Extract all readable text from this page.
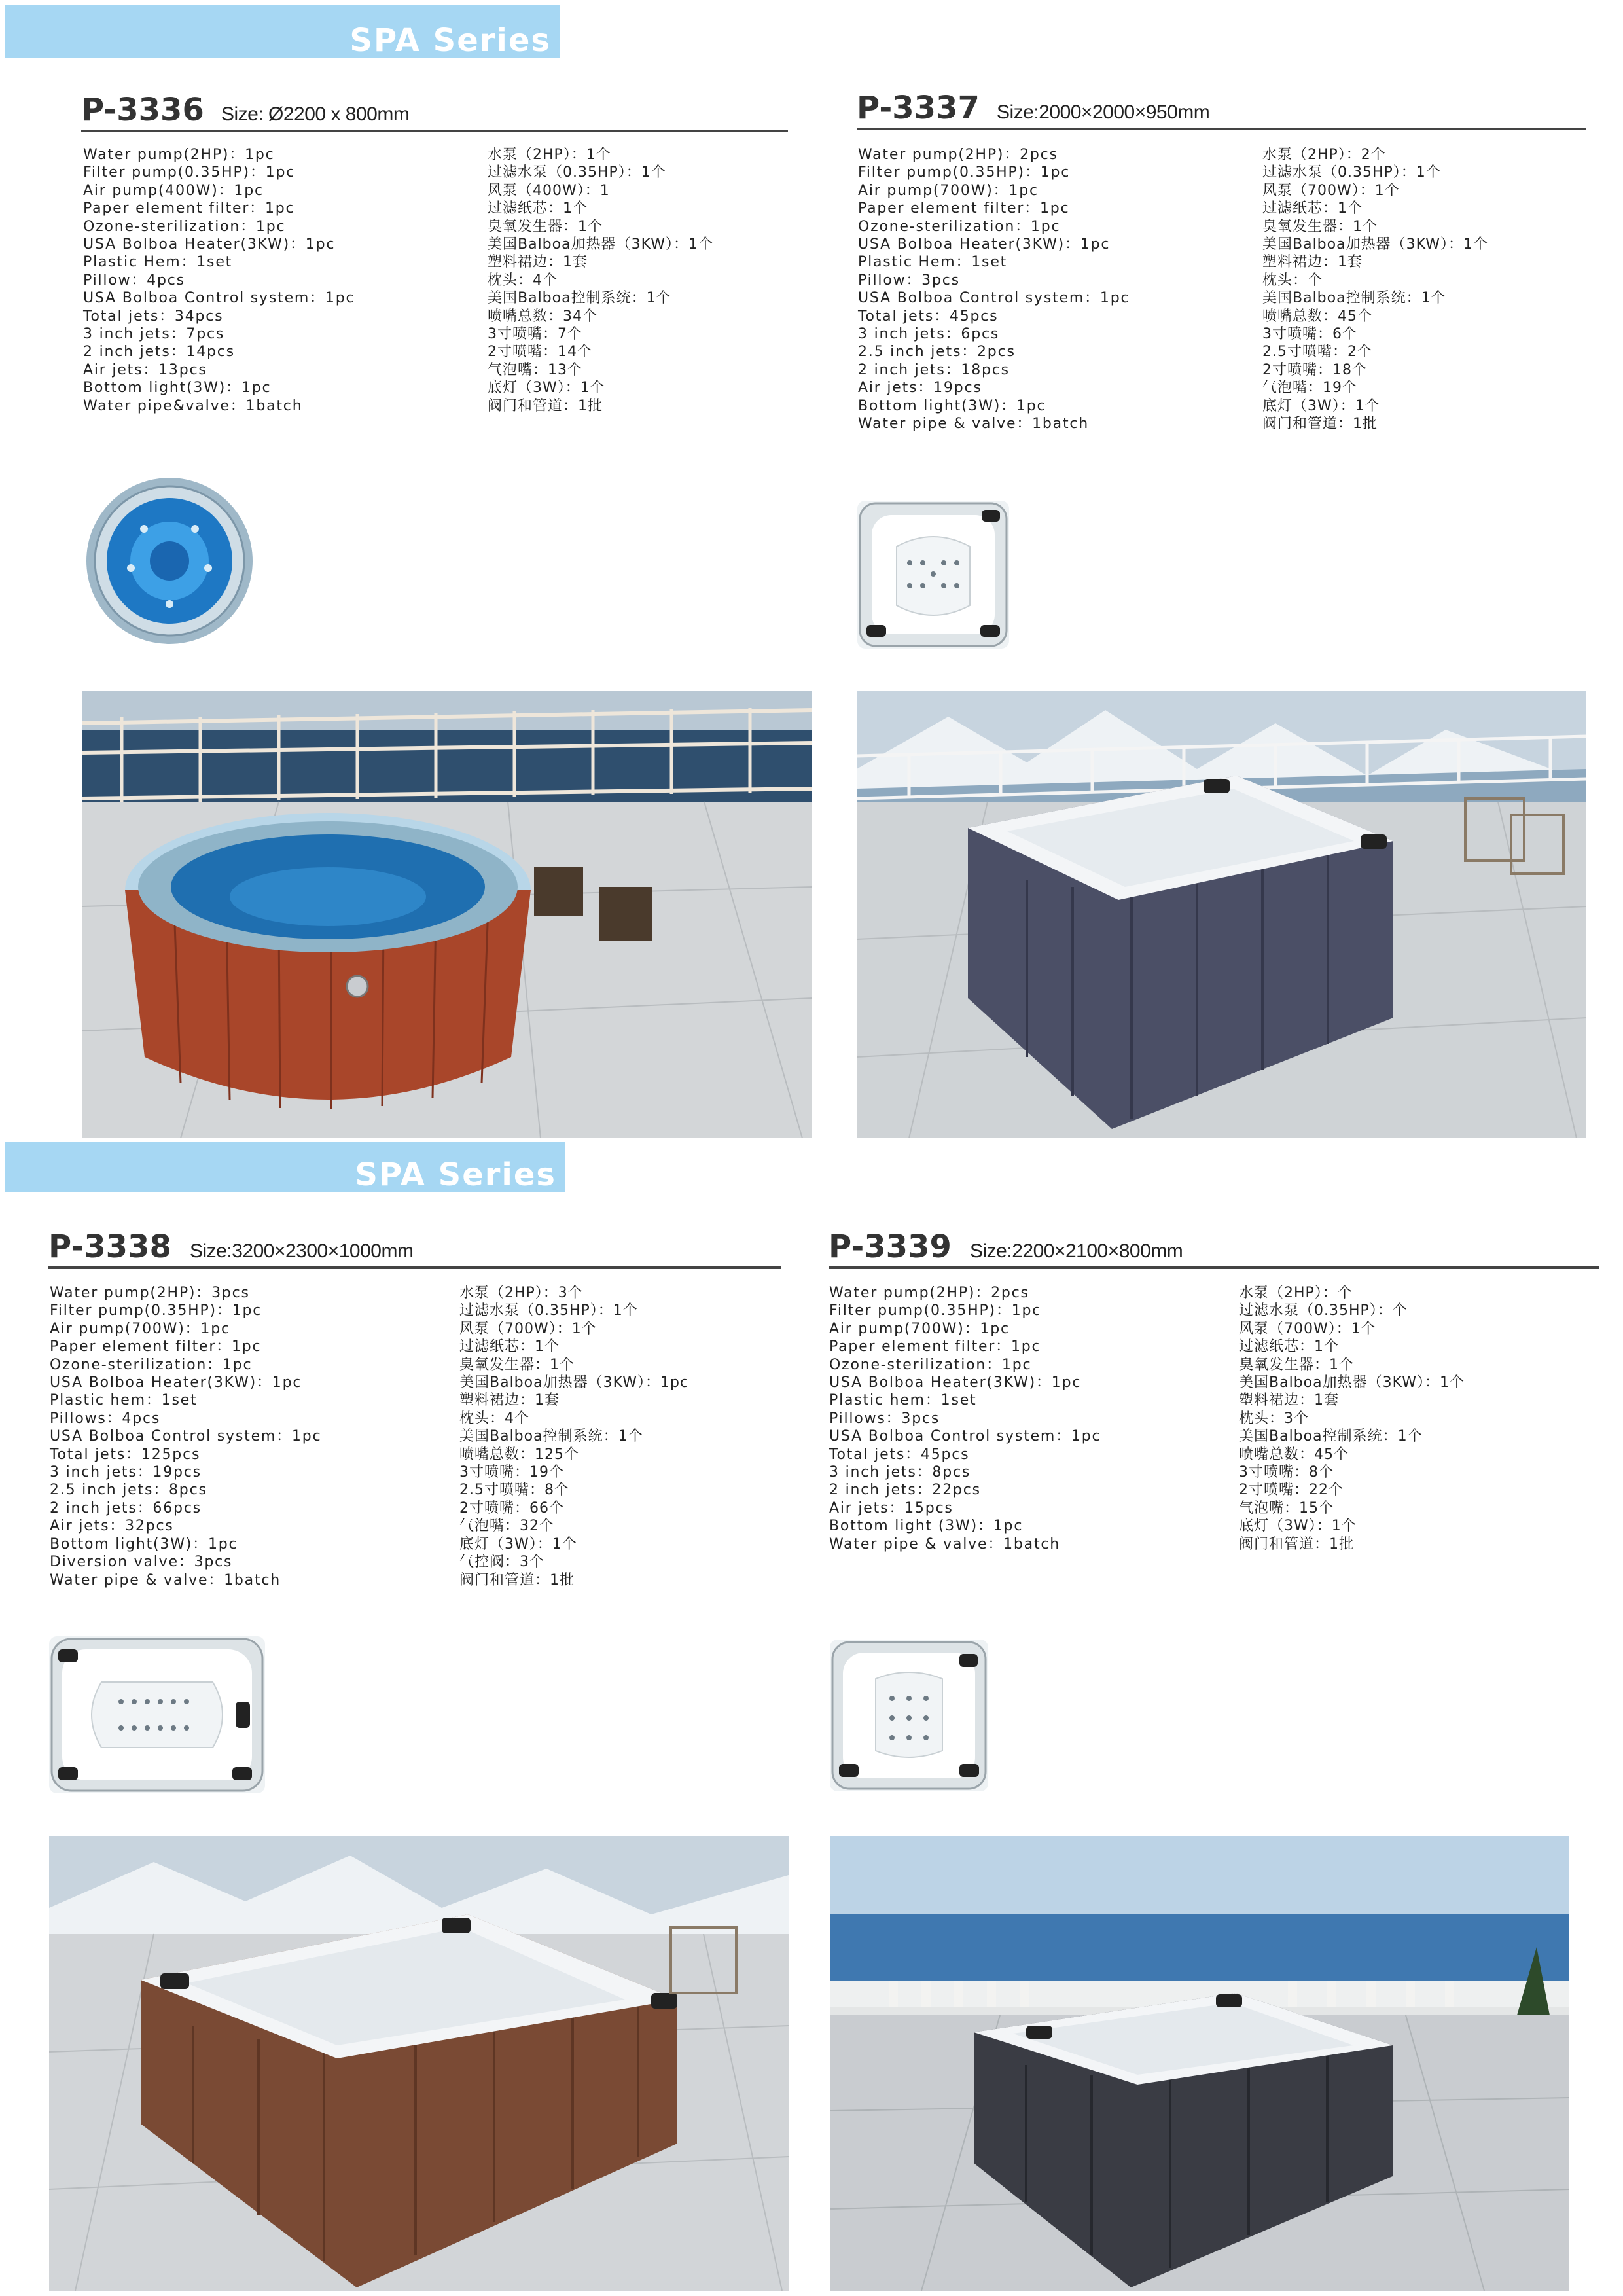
SPA Series
SPA Series
P-3336 Size: Ø2200 x 800mm
Water pump(2HP)：1pc
Filter pump(0.35HP)：1pc
Air pump(400W)：1pc
Paper element filter：1pc
Ozone-sterilization：1pc
USA Bolboa Heater(3KW)：1pc
Plastic Hem：1set
Pillow：4pcs
USA Bolboa Control system：1pc
Total jets：34pcs
3 inch jets：7pcs
2 inch jets：14pcs
Air jets：13pcs
Bottom light(3W)：1pc
Water pipe&valve：1batch
水泵（2HP）：1个
过滤水泵（0.35HP）：1个
风泵（400W）：1
过滤纸芯：1个
臭氧发生器：1个
美国Balboa加热器（3KW）：1个
塑料裙边：1套
枕头：4个
美国Balboa控制系统：1个
喷嘴总数：34个
3寸喷嘴：7个
2寸喷嘴：14个
气泡嘴：13个
底灯（3W）：1个
阀门和管道：1批
P-3337 Size:2000×2000×950mm
Water pump(2HP)：2pcs
Filter pump(0.35HP)：1pc
Air pump(700W)：1pc
Paper element filter：1pc
Ozone-sterilization：1pc
USA Bolboa Heater(3KW)：1pc
Plastic Hem：1set
Pillow：3pcs
USA Bolboa Control system：1pc
Total jets：45pcs
3 inch jets：6pcs
2.5 inch jets：2pcs
2 inch jets：18pcs
Air jets：19pcs
Bottom light(3W)：1pc
Water pipe & valve：1batch
水泵（2HP）：2个
过滤水泵（0.35HP）：1个
风泵（700W）：1个
过滤纸芯：1个
臭氧发生器：1个
美国Balboa加热器（3KW）：1个
塑料裙边：1套
枕头：个
美国Balboa控制系统：1个
喷嘴总数：45个
3寸喷嘴：6个
2.5寸喷嘴：2个
2寸喷嘴：18个
气泡嘴：19个
底灯（3W）：1个
阀门和管道：1批
P-3338 Size:3200×2300×1000mm
Water pump(2HP)：3pcs
Filter pump(0.35HP)：1pc
Air pump(700W)：1pc
Paper element filter：1pc
Ozone-sterilization：1pc
USA Bolboa Heater(3KW)：1pc
Plastic hem：1set
Pillows：4pcs
USA Bolboa Control system：1pc
Total jets：125pcs
3 inch jets：19pcs
2.5 inch jets：8pcs
2 inch jets：66pcs
Air jets：32pcs
Bottom light(3W)：1pc
Diversion valve：3pcs
Water pipe & valve：1batch
水泵（2HP）：3个
过滤水泵（0.35HP）：1个
风泵（700W）：1个
过滤纸芯：1个
臭氧发生器：1个
美国Balboa加热器（3KW）：1pc
塑料裙边：1套
枕头：4个
美国Balboa控制系统：1个
喷嘴总数：125个
3寸喷嘴：19个
2.5寸喷嘴：8个
2寸喷嘴：66个
气泡嘴：32个
底灯（3W）：1个
气控阀：3个
阀门和管道：1批
P-3339 Size:2200×2100×800mm
Water pump(2HP)：2pcs
Filter pump(0.35HP)：1pc
Air pump(700W)：1pc
Paper element filter：1pc
Ozone-sterilization：1pc
USA Bolboa Heater(3KW)：1pc
Plastic hem：1set
Pillows：3pcs
USA Bolboa Control system：1pc
Total jets：45pcs
3 inch jets：8pcs
2 inch jets：22pcs
Air jets：15pcs
Bottom light (3W)：1pc
Water pipe & valve：1batch
水泵（2HP）：个
过滤水泵（0.35HP）：个
风泵（700W）：1个
过滤纸芯：1个
臭氧发生器：1个
美国Balboa加热器（3KW）：1个
塑料裙边：1套
枕头：3个
美国Balboa控制系统：1个
喷嘴总数：45个
3寸喷嘴：8个
2寸喷嘴：22个
气泡嘴：15个
底灯（3W）：1个
阀门和管道：1批
